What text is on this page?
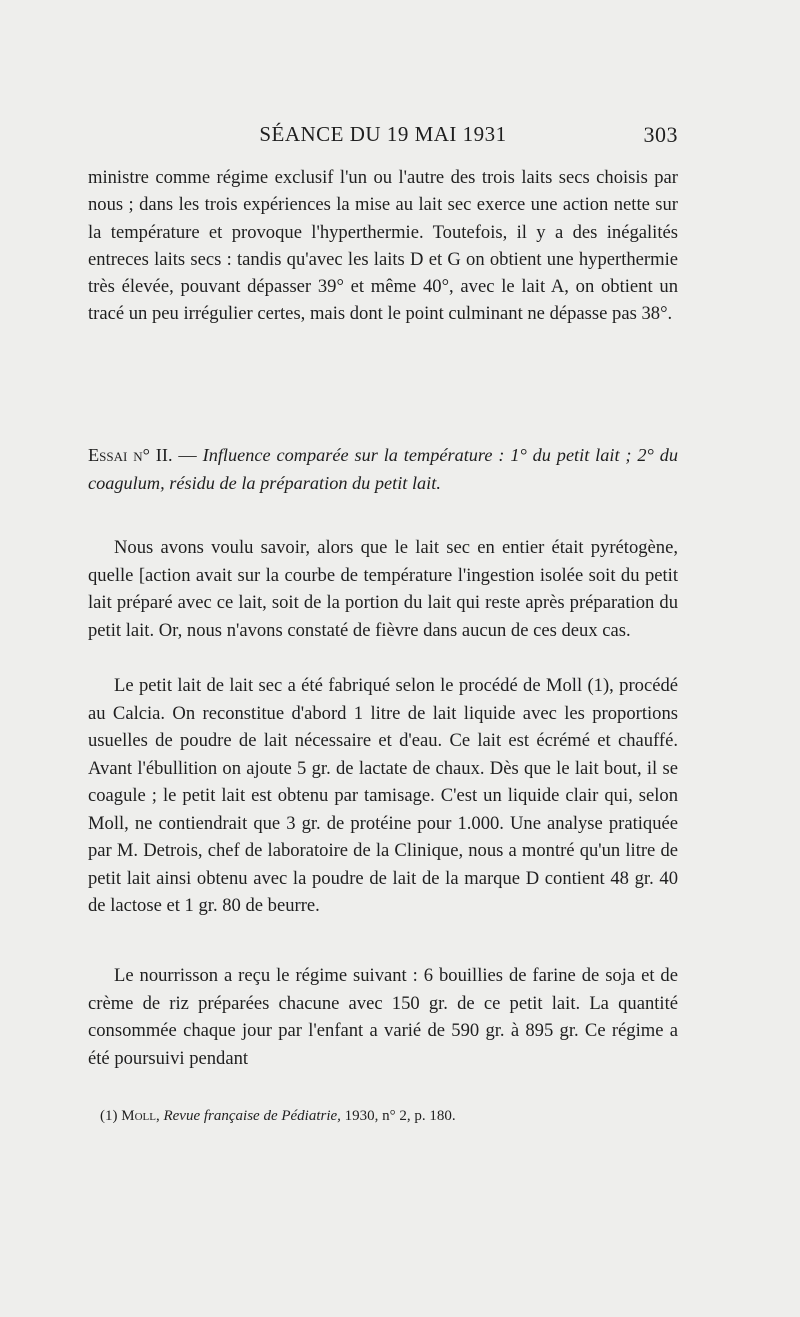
SÉANCE DU 19 MAI 1931	303

ministre comme régime exclusif l'un ou l'autre des trois laits secs choisis par nous ; dans les trois expériences la mise au lait sec exerce une action nette sur la température et provoque l'hyperthermie. Toutefois, il y a des inégalités entreces laits secs : tandis qu'avec les laits D et G on obtient une hyperthermie très élevée, pouvant dépasser 39° et même 40°, avec le lait A, on obtient un tracé un peu irrégulier certes, mais dont le point culminant ne dépasse pas 38°.

Essai n° II. — Influence comparée sur la température : 1° du petit lait ; 2° du coagulum, résidu de la préparation du petit lait.

Nous avons voulu savoir, alors que le lait sec en entier était pyrétogène, quelle [action avait sur la courbe de température l'ingestion isolée soit du petit lait préparé avec ce lait, soit de la portion du lait qui reste après préparation du petit lait. Or, nous n'avons constaté de fièvre dans aucun de ces deux cas.

Le petit lait de lait sec a été fabriqué selon le procédé de Moll (1), procédé au Calcia. On reconstitue d'abord 1 litre de lait liquide avec les proportions usuelles de poudre de lait nécessaire et d'eau. Ce lait est écrémé et chauffé. Avant l'ébullition on ajoute 5 gr. de lactate de chaux. Dès que le lait bout, il se coagule ; le petit lait est obtenu par tamisage. C'est un liquide clair qui, selon Moll, ne contiendrait que 3 gr. de protéine pour 1.000. Une analyse pratiquée par M. Detrois, chef de laboratoire de la Clinique, nous a montré qu'un litre de petit lait ainsi obtenu avec la poudre de lait de la marque D contient 48 gr. 40 de lactose et 1 gr. 80 de beurre.

Le nourrisson a reçu le régime suivant : 6 bouillies de farine de soja et de crème de riz préparées chacune avec 150 gr. de ce petit lait. La quantité consommée chaque jour par l'enfant a varié de 590 gr. à 895 gr. Ce régime a été poursuivi pendant

(1) Moll, Revue française de Pédiatrie, 1930, n° 2, p. 180.
